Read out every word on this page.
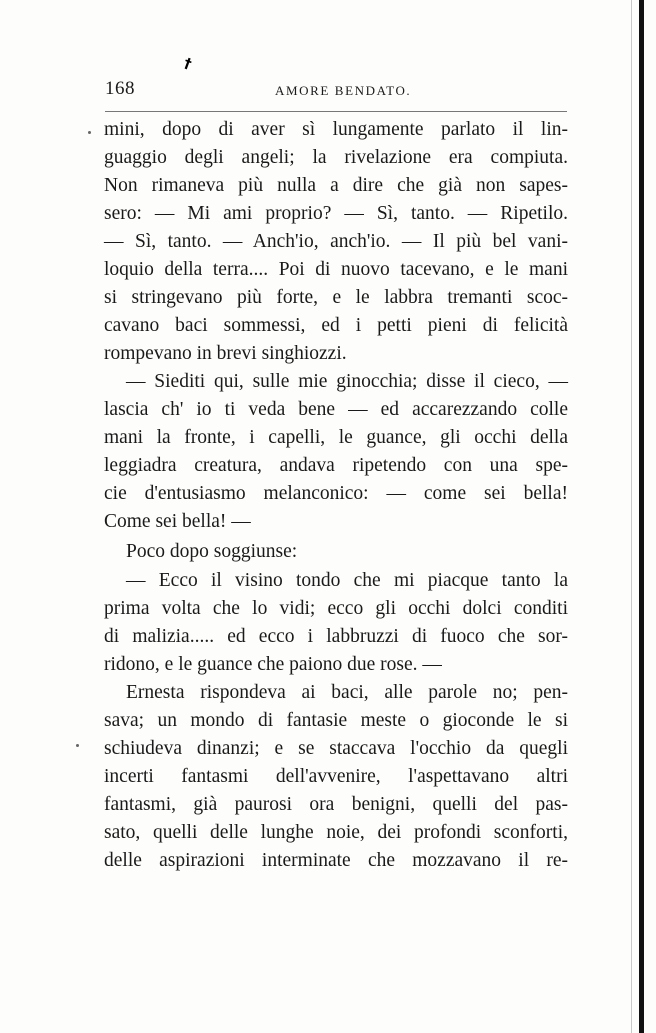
†
168	AMORE BENDATO.
mini, dopo di aver sì lungamente parlato il lin-
guaggio degli angeli; la rivelazione era compiuta.
Non rimaneva più nulla a dire che già non sapes-
sero: — Mi ami proprio? — Sì, tanto. — Ripetilo.
— Sì, tanto. — Anch'io, anch'io. — Il più bel vani-
loquio della terra.... Poi di nuovo tacevano, e le mani
si stringevano più forte, e le labbra tremanti scoc-
cavano baci sommessi, ed i petti pieni di felicità
rompevano in brevi singhiozzi.
— Siediti qui, sulle mie ginocchia; disse il cieco, —
lascia ch' io ti veda bene — ed accarezzando colle
mani la fronte, i capelli, le guance, gli occhi della
leggiadra creatura, andava ripetendo con una spe-
cie d'entusiasmo melanconico: — come sei bella!
Come sei bella! —
Poco dopo soggiunse:
— Ecco il visino tondo che mi piacque tanto la
prima volta che lo vidi; ecco gli occhi dolci conditi
di malizia..... ed ecco i labbruzzi di fuoco che sor-
ridono, e le guance che paiono due rose. —
Ernesta rispondeva ai baci, alle parole no; pen-
sava; un mondo di fantasie meste o gioconde le si
schiudeva dinanzi; e se staccava l'occhio da quegli
incerti fantasmi dell'avvenire, l'aspettavano altri
fantasmi, già paurosi ora benigni, quelli del pas-
sato, quelli delle lunghe noie, dei profondi sconforti,
delle aspirazioni interminate che mozzavano il re-
